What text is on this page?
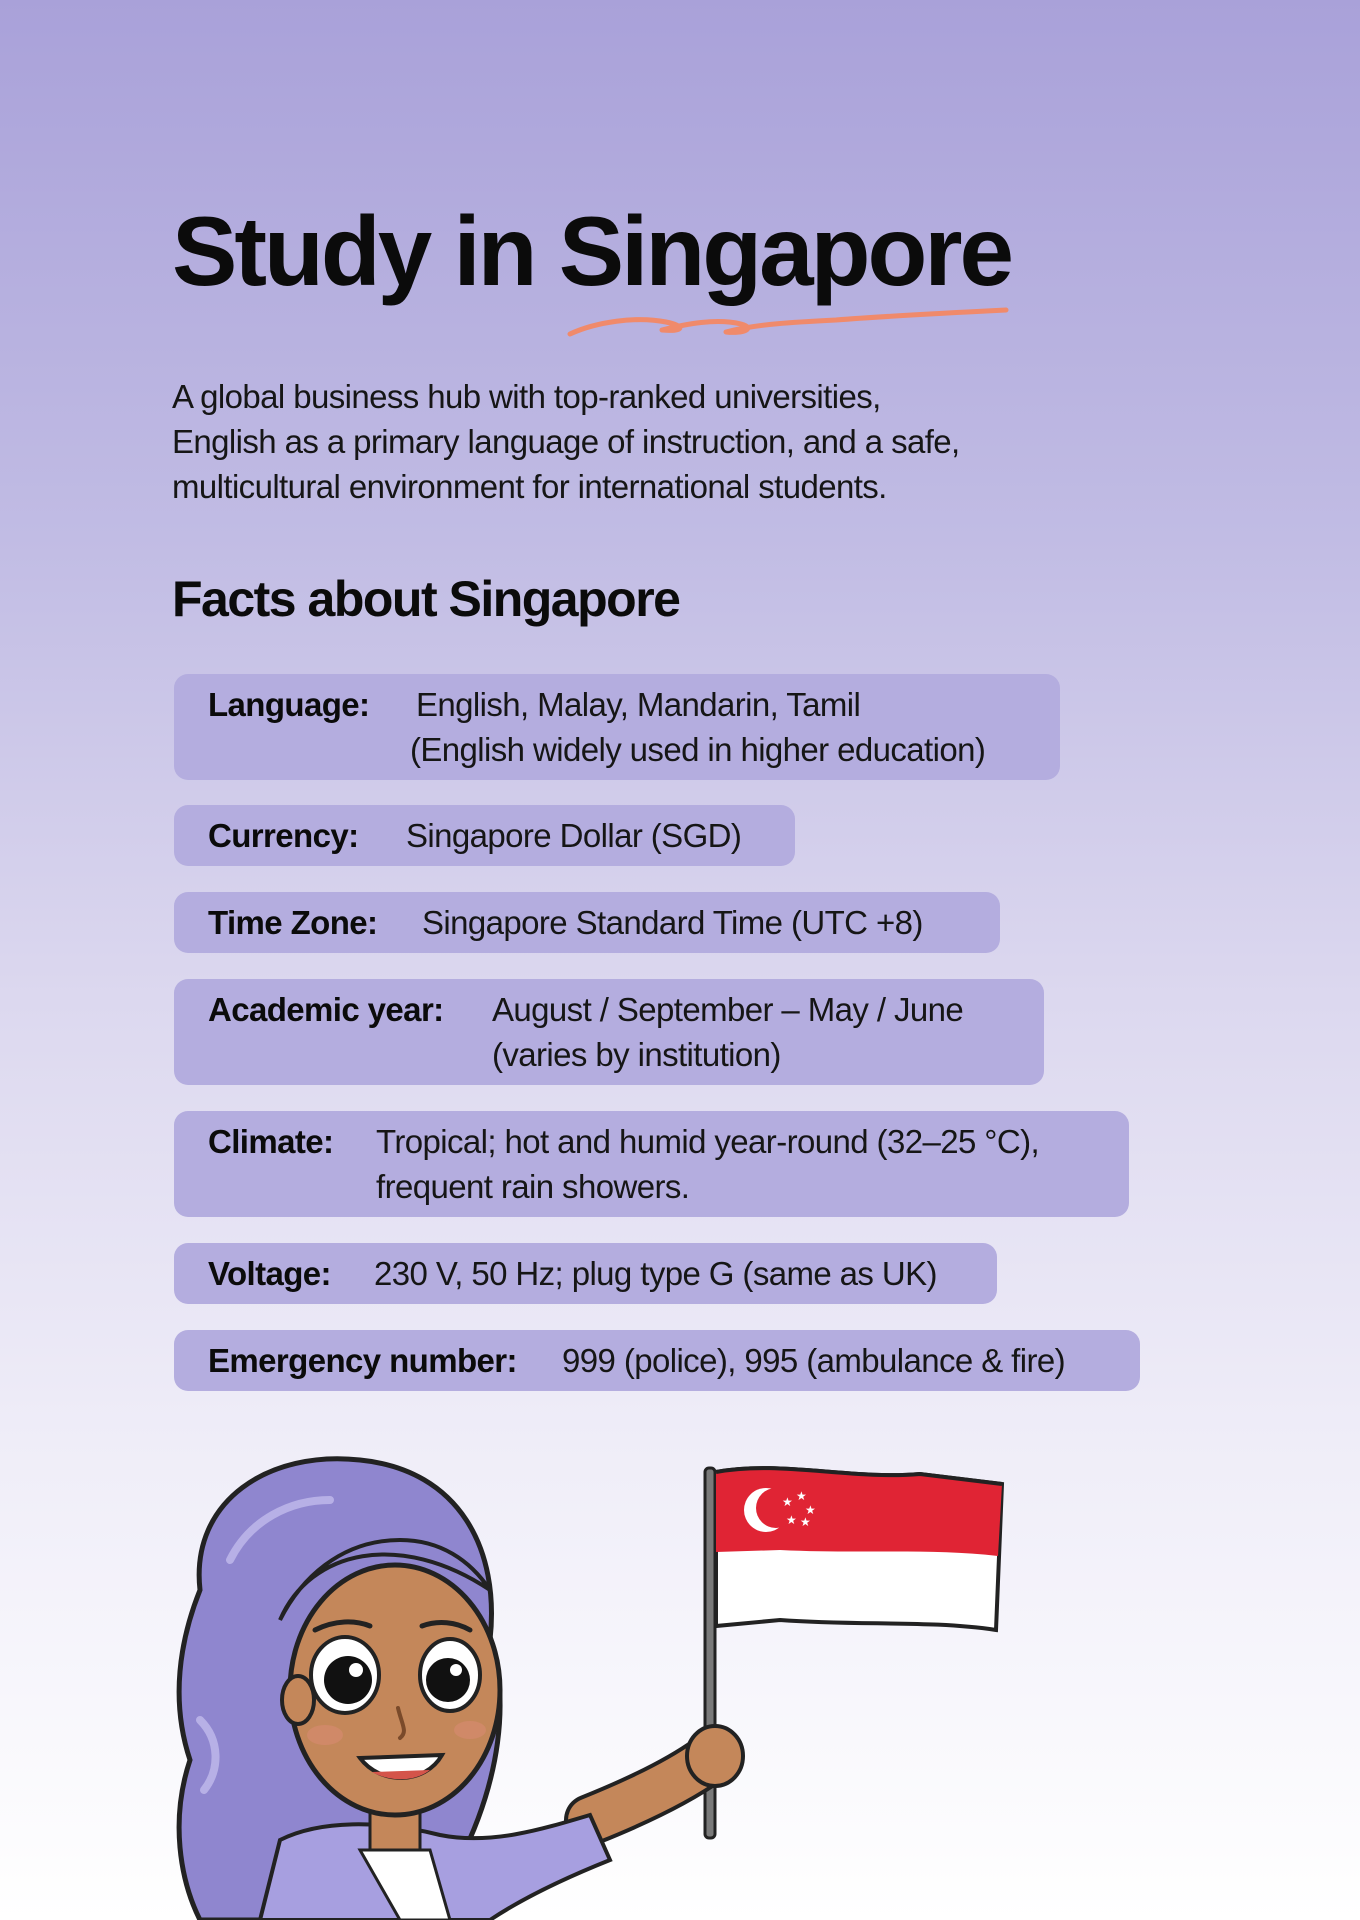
Study in Singapore

A global business hub with top-ranked universities,
English as a primary language of instruction, and a safe,
multicultural environment for international students.

Facts about Singapore
Language:	English, Malay, Mandarin, Tamil
(English widely used in higher education)
Currency:	Singapore Dollar (SGD)
Time Zone:	Singapore Standard Time (UTC +8)
Academic year:	August / September – May / June
(varies by institution)
Climate:	Tropical; hot and humid year-round (32–25 °C),
frequent rain showers.
Voltage:	230 V, 50 Hz; plug type G (same as UK)
Emergency number:	999 (police), 995 (ambulance & fire)
★ ★
★
★ ★
